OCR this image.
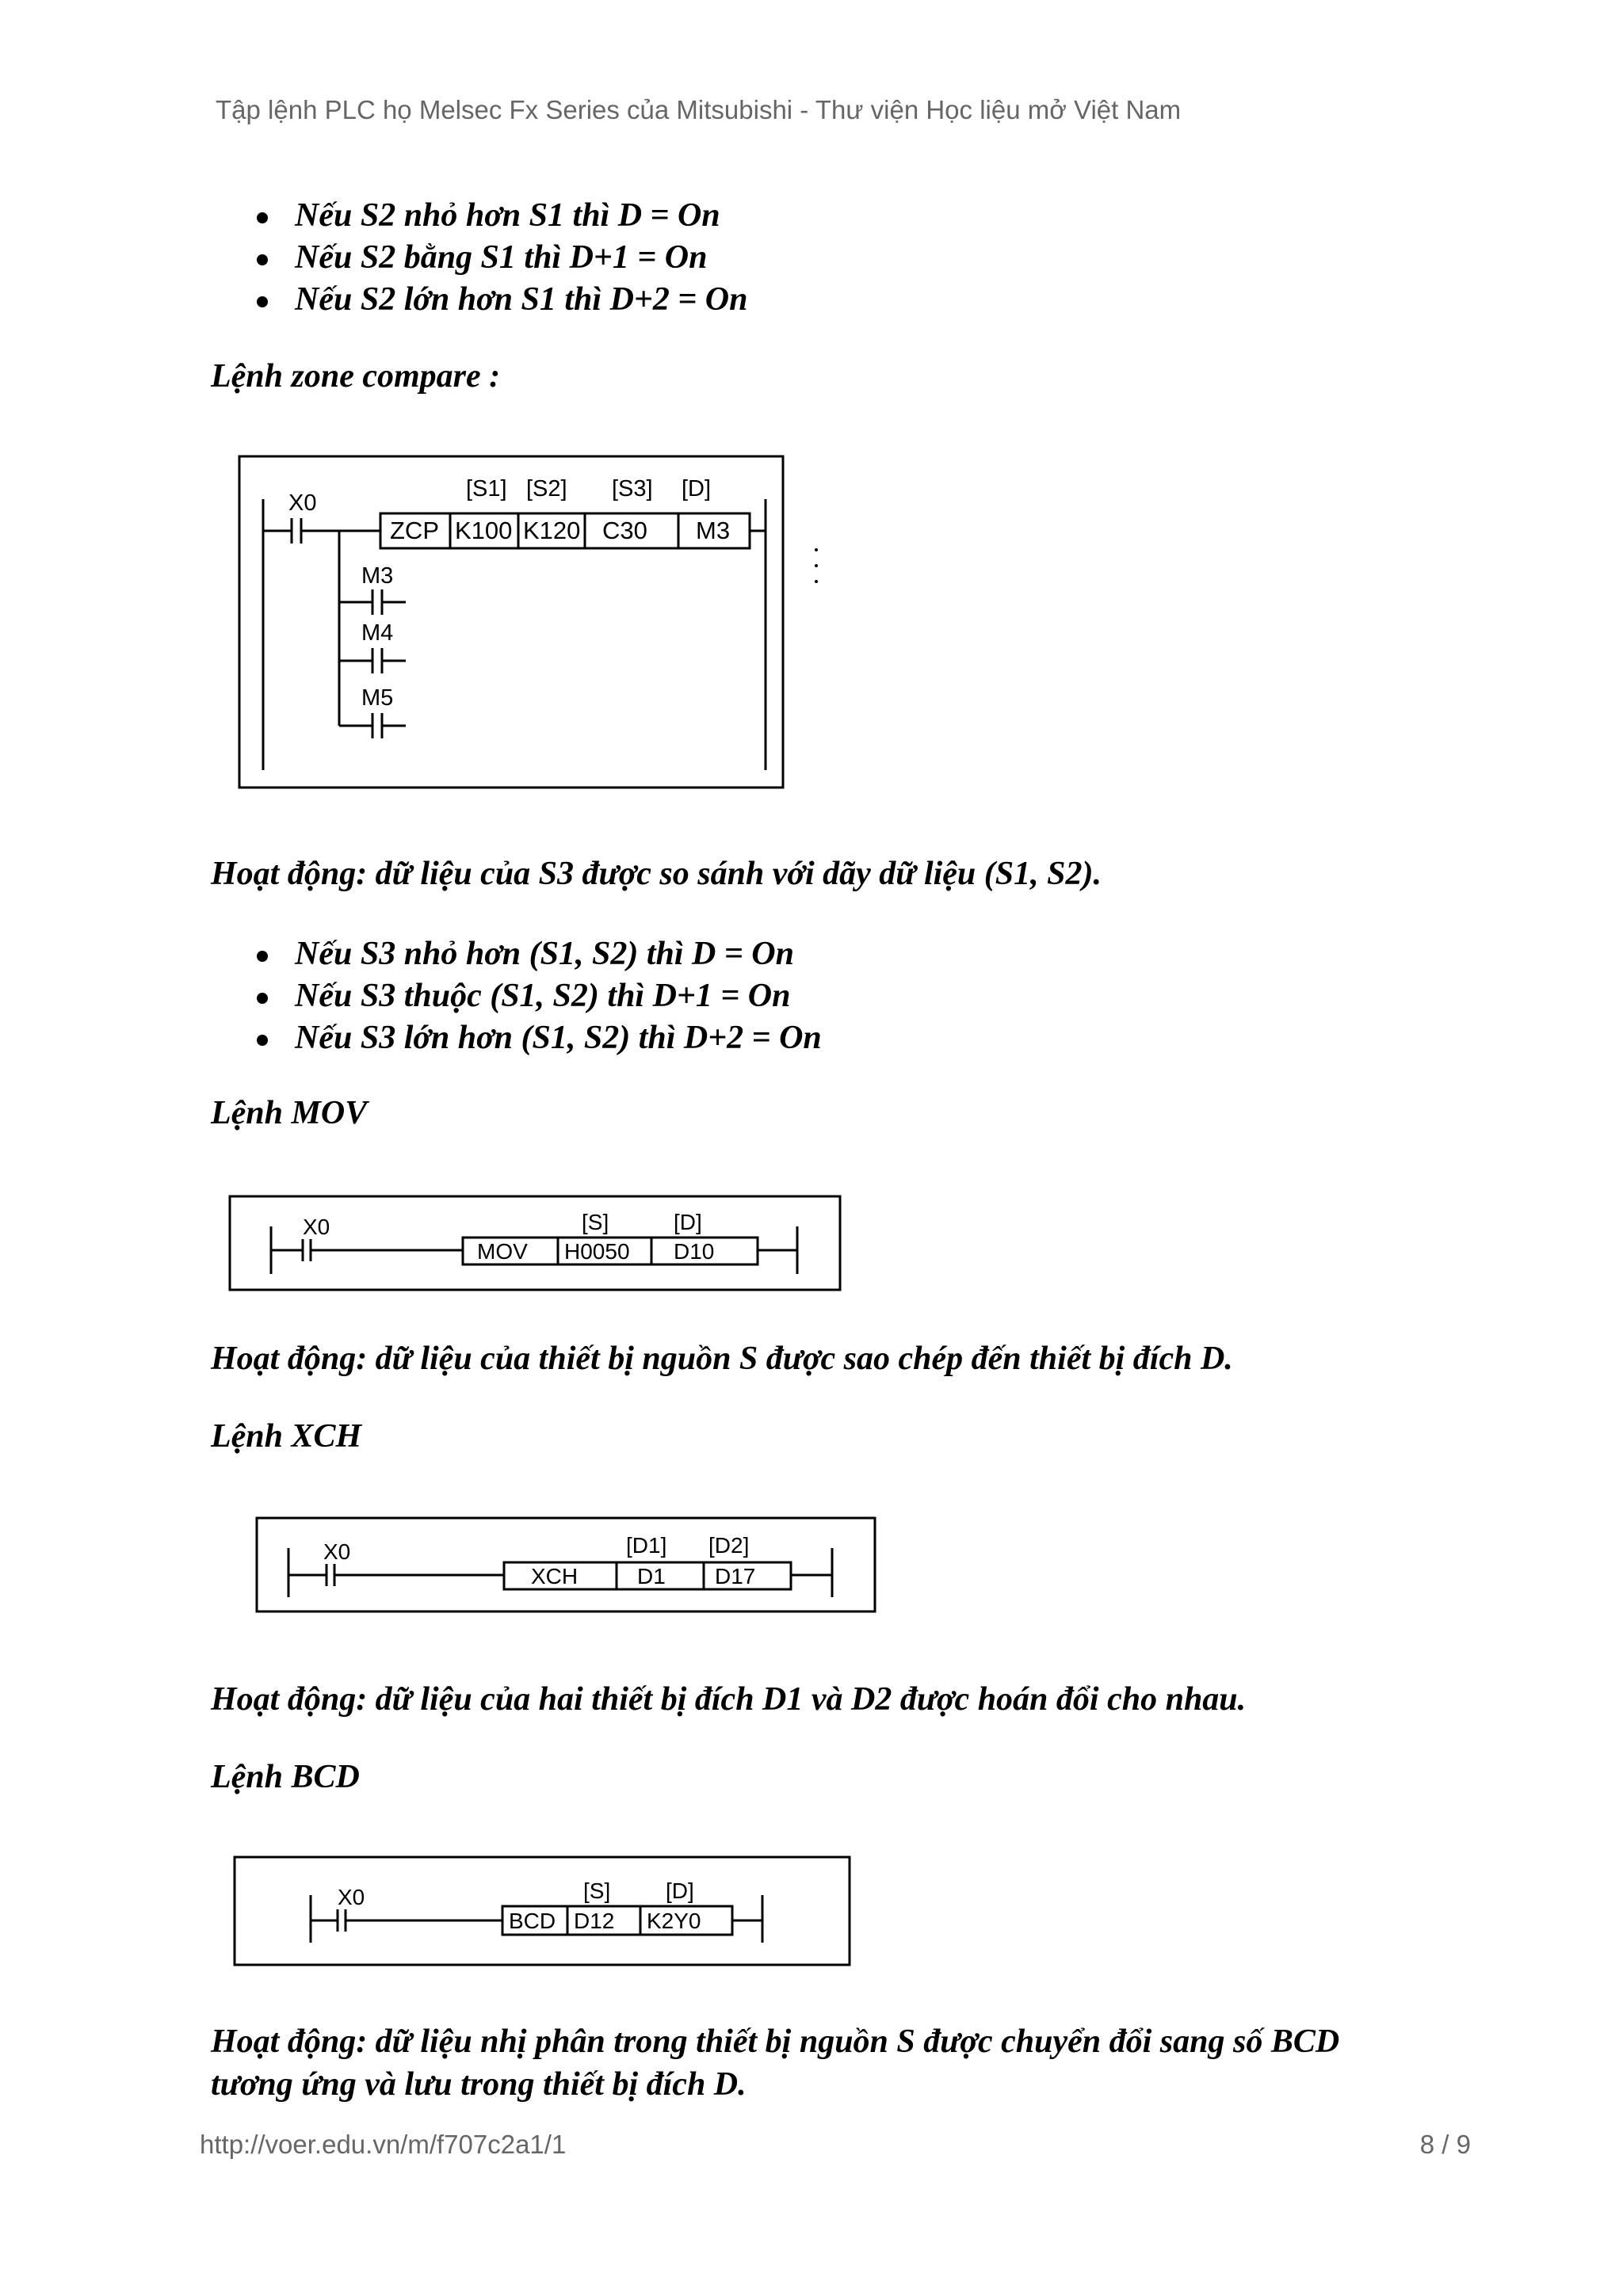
Tập lệnh PLC họ Melsec Fx Series của Mitsubishi - Thư viện Học liệu mở Việt Nam
Nếu S2 nhỏ hơn S1 thì D = On
Nếu S2 bằng S1 thì D+1 = On
Nếu S2 lớn hơn S1 thì D+2 = On
Lệnh zone compare :
X0
[S1] [S2] [S3] [D]
ZCP K100 K120 C30 M3
M3
M4
M5
Hoạt động: dữ liệu của S3 được so sánh với dãy dữ liệu (S1, S2).
Nếu S3 nhỏ hơn (S1, S2) thì D = On
Nếu S3 thuộc (S1, S2) thì D+1 = On
Nếu S3 lớn hơn (S1, S2) thì D+2 = On
Lệnh MOV
X0	[S]	[D]
MOV H0050 D10
Hoạt động: dữ liệu của thiết bị nguồn S được sao chép đến thiết bị đích D.
Lệnh XCH
X0	[D1] [D2]
XCH	D1 D17
Hoạt động: dữ liệu của hai thiết bị đích D1 và D2 được hoán đổi cho nhau.
Lệnh BCD
X0	[S] [D]
BCD D12 K2Y0
Hoạt động: dữ liệu nhị phân trong thiết bị nguồn S được chuyển đổi sang số BCD
tương ứng và lưu trong thiết bị đích D.
http://voer.edu.vn/m/f707c2a1/1	8 / 9
